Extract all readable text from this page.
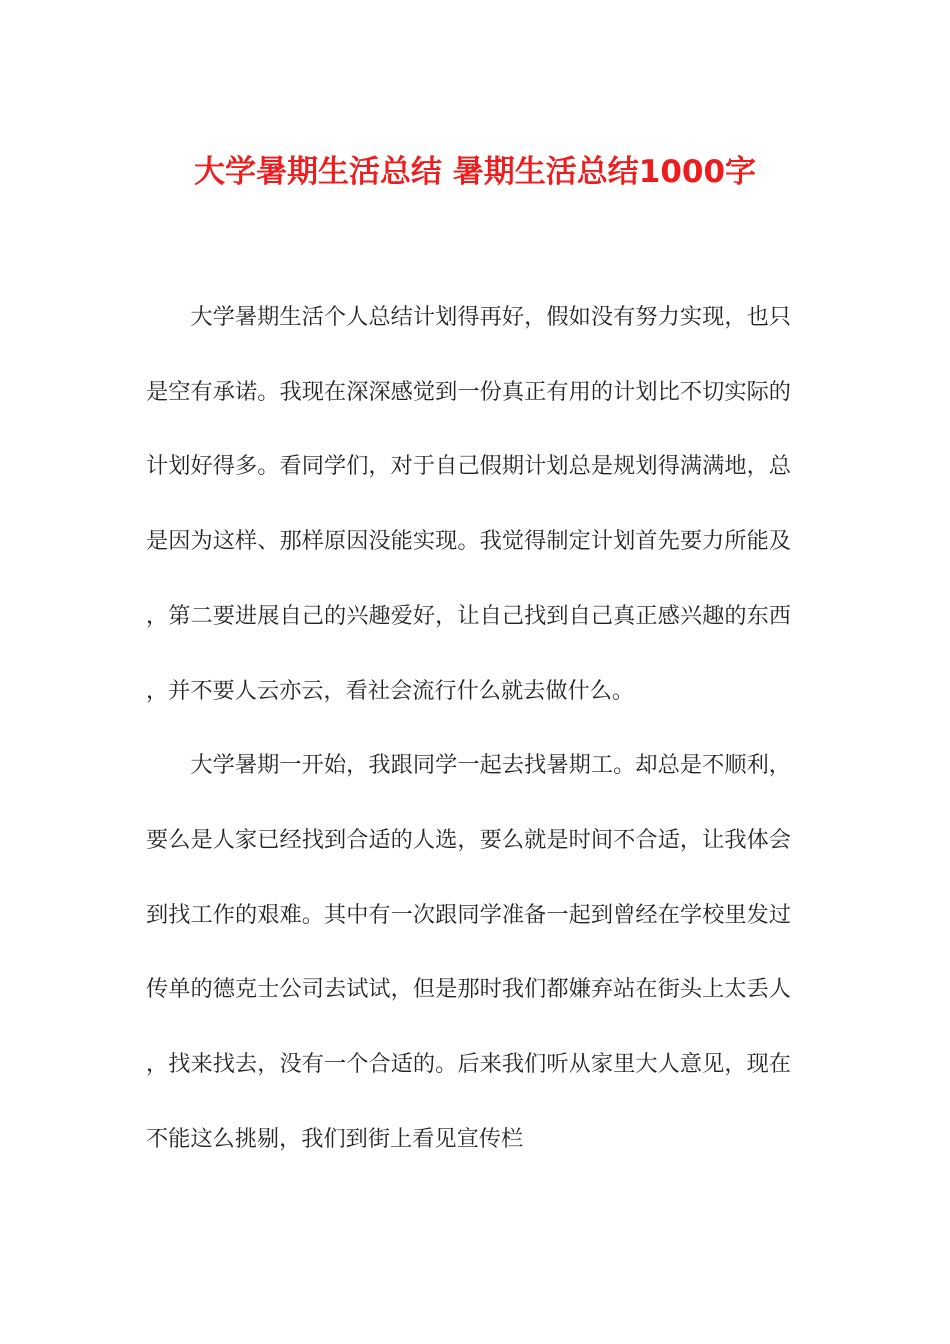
大学暑期生活总结 暑期生活总结1000字

大学暑期生活个人总结计划得再好，假如没有努力实现，也只是空有承诺。我现在深深感觉到一份真正有用的计划比不切实际的计划好得多。看同学们，对于自己假期计划总是规划得满满地，总是因为这样、那样原因没能实现。我觉得制定计划首先要力所能及，第二要进展自己的兴趣爱好，让自己找到自己真正感兴趣的东西，并不要人云亦云，看社会流行什么就去做什么。

大学暑期一开始，我跟同学一起去找暑期工。却总是不顺利，要么是人家已经找到合适的人选，要么就是时间不合适，让我体会到找工作的艰难。其中有一次跟同学准备一起到曾经在学校里发过传单的德克士公司去试试，但是那时我们都嫌弃站在街头上太丢人，找来找去，没有一个合适的。后来我们听从家里大人意见，现在不能这么挑剔，我们到街上看见宣传栏
